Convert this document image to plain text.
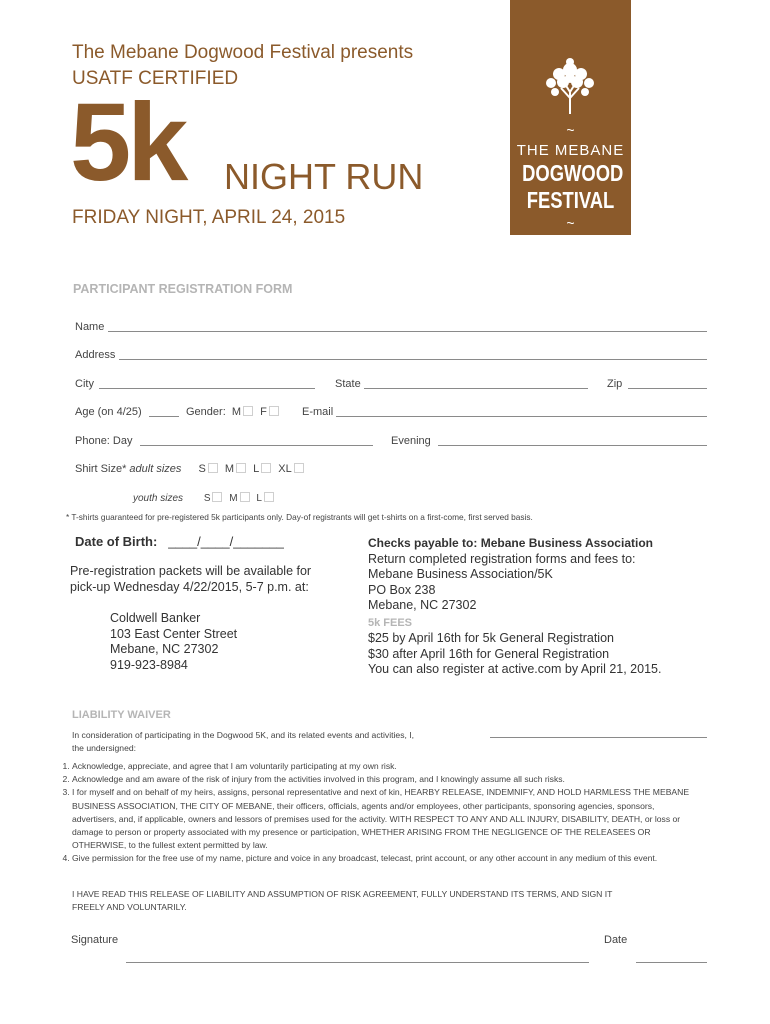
The Mebane Dogwood Festival presents
USATF CERTIFIED
5k NIGHT RUN
FRIDAY NIGHT, APRIL 24, 2015
~
THE MEBANE
DOGWOOD
FESTIVAL
~
PARTICIPANT REGISTRATION FORM
Name
Address
City	State	Zip
Age (on 4/25)	Gender: M F	E-mail
Phone: Day	Evening
Shirt Size* adult sizes S M L XL
youth sizes S M L
* T-shirts guaranteed for pre-registered 5k participants only. Day-of registrants will get t-shirts on a first-come, first served basis.
Date of Birth: ____/____/_______
Pre-registration packets will be available for
pick-up Wednesday 4/22/2015, 5-7 p.m. at:
Coldwell Banker
103 East Center Street
Mebane, NC 27302
919-923-8984
Checks payable to: Mebane Business Association
Return completed registration forms and fees to:
Mebane Business Association/5K
PO Box 238
Mebane, NC 27302
5k FEES
$25 by April 16th for 5k General Registration
$30 after April 16th for General Registration
You can also register at active.com by April 21, 2015.
LIABILITY WAIVER
In consideration of participating in the Dogwood 5K, and its related events and activities, I,
the undersigned:
1. Acknowledge, appreciate, and agree that I am voluntarily participating at my own risk.
2. Acknowledge and am aware of the risk of injury from the activities involved in this program, and I knowingly assume all such risks.
3. I for myself and on behalf of my heirs, assigns, personal representative and next of kin, HEARBY RELEASE, INDEMNIFY, AND HOLD HARMLESS THE MEBANE BUSINESS ASSOCIATION, THE CITY OF MEBANE, their officers, officials, agents and/or employees, other participants, sponsoring agencies, sponsors, advertisers, and, if applicable, owners and lessors of premises used for the activity. WITH RESPECT TO ANY AND ALL INJURY, DISABILITY, DEATH, or loss or damage to person or property associated with my presence or participation, WHETHER ARISING FROM THE NEGLIGENCE OF THE RELEASEES OR OTHERWISE, to the fullest extent permitted by law.
4. Give permission for the free use of my name, picture and voice in any broadcast, telecast, print account, or any other account in any medium of this event.
I HAVE READ THIS RELEASE OF LIABILITY AND ASSUMPTION OF RISK AGREEMENT, FULLY UNDERSTAND ITS TERMS, AND SIGN IT FREELY AND VOLUNTARILY.
Signature	Date
